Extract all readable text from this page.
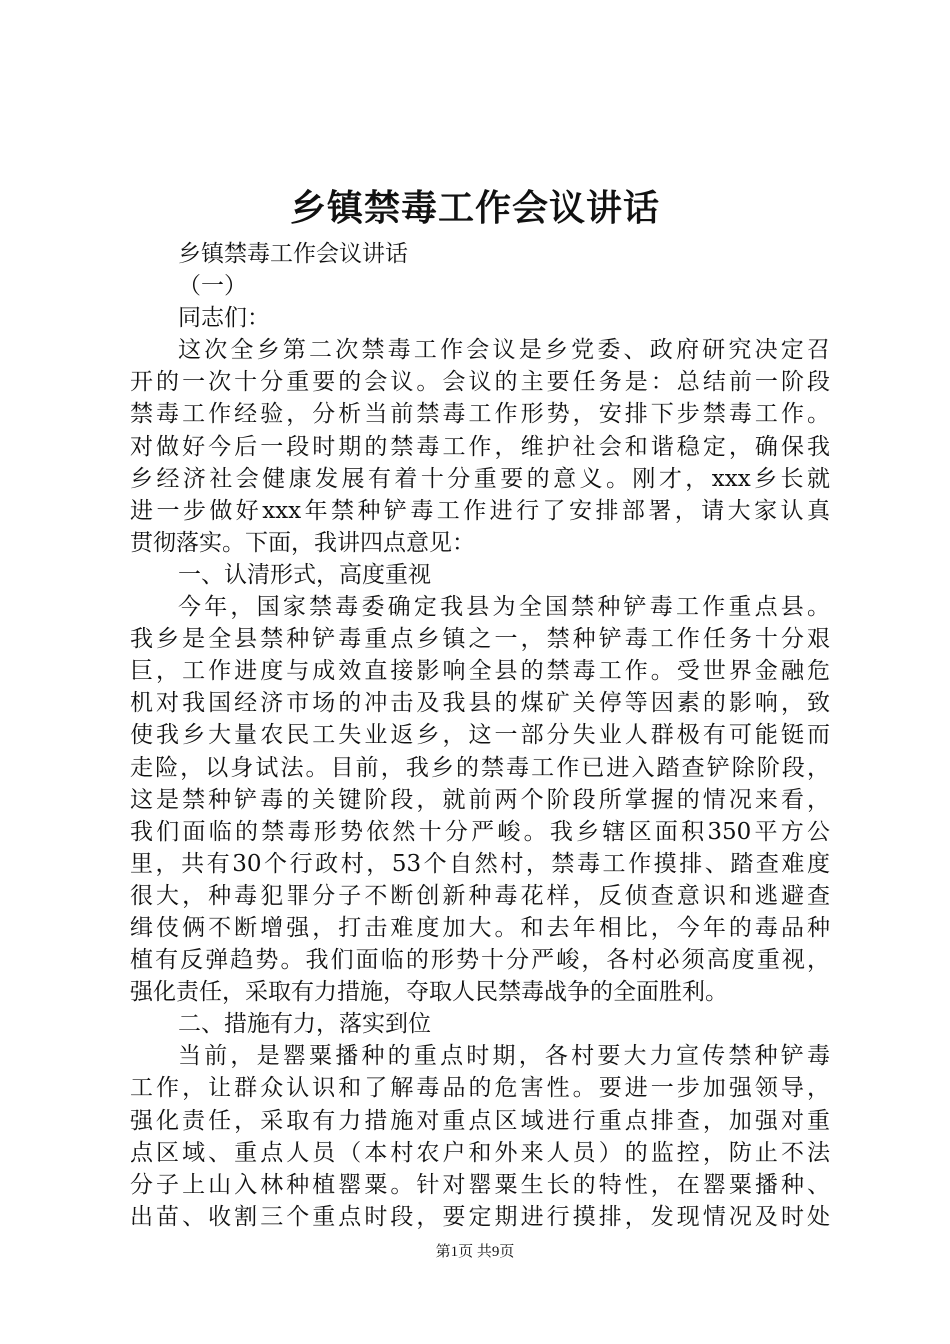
乡镇禁毒工作会议讲话
乡镇禁毒工作会议讲话
（一）
同志们：
这次全乡第二次禁毒工作会议是乡党委、政府研究决定召
开的一次十分重要的会议。会议的主要任务是：总结前一阶段
禁毒工作经验，分析当前禁毒工作形势，安排下步禁毒工作。
对做好今后一段时期的禁毒工作，维护社会和谐稳定，确保我
乡经济社会健康发展有着十分重要的意义。刚才，xxx乡长就
进一步做好xxx年禁种铲毒工作进行了安排部署，请大家认真
贯彻落实。下面，我讲四点意见：
一、认清形式，高度重视
今年，国家禁毒委确定我县为全国禁种铲毒工作重点县。
我乡是全县禁种铲毒重点乡镇之一，禁种铲毒工作任务十分艰
巨，工作进度与成效直接影响全县的禁毒工作。受世界金融危
机对我国经济市场的冲击及我县的煤矿关停等因素的影响，致
使我乡大量农民工失业返乡，这一部分失业人群极有可能铤而
走险，以身试法。目前，我乡的禁毒工作已进入踏查铲除阶段，
这是禁种铲毒的关键阶段，就前两个阶段所掌握的情况来看，
我们面临的禁毒形势依然十分严峻。我乡辖区面积350平方公
里，共有30个行政村，53个自然村，禁毒工作摸排、踏查难度
很大，种毒犯罪分子不断创新种毒花样，反侦查意识和逃避查
缉伎俩不断增强，打击难度加大。和去年相比，今年的毒品种
植有反弹趋势。我们面临的形势十分严峻，各村必须高度重视，
强化责任，采取有力措施，夺取人民禁毒战争的全面胜利。
二、措施有力，落实到位
当前，是罂粟播种的重点时期，各村要大力宣传禁种铲毒
工作，让群众认识和了解毒品的危害性。要进一步加强领导，
强化责任，采取有力措施对重点区域进行重点排查，加强对重
点区域、重点人员（本村农户和外来人员）的监控，防止不法
分子上山入林种植罂粟。针对罂粟生长的特性，在罂粟播种、
出苗、收割三个重点时段，要定期进行摸排，发现情况及时处
第1页 共9页
